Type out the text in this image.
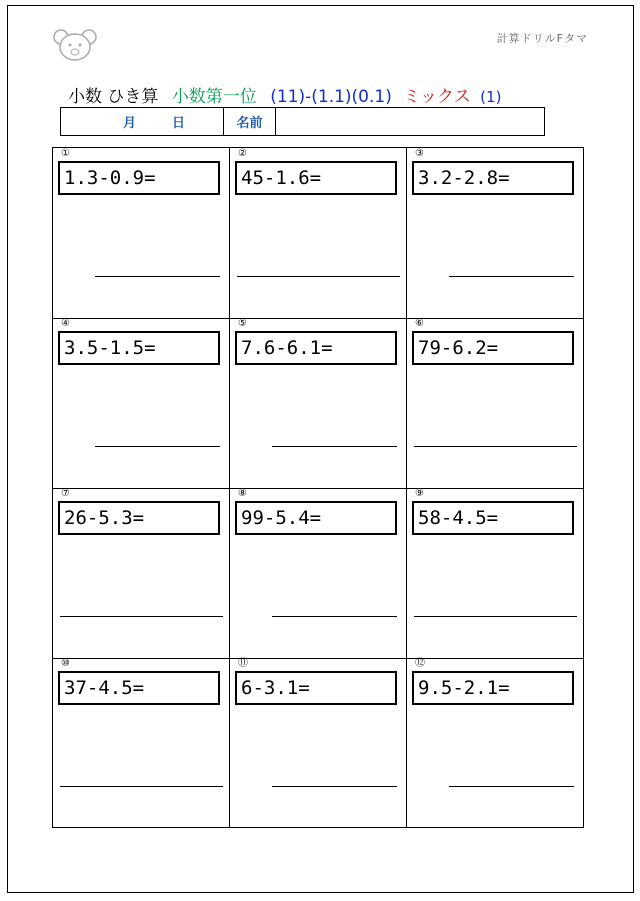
計算ドリルFタマ
小数 ひき算 小数第一位 (11)-(1.1)(0.1) ミックス (1)
月	日	名前
①
1.3-0.9=
②
45-1.6=
③
3.2-2.8=
④
3.5-1.5=
⑤
7.6-6.1=
⑥
79-6.2=
⑦
26-5.3=
⑧
99-5.4=
⑨
58-4.5=
⑩
37-4.5=
⑪
6-3.1=
⑫
9.5-2.1=
